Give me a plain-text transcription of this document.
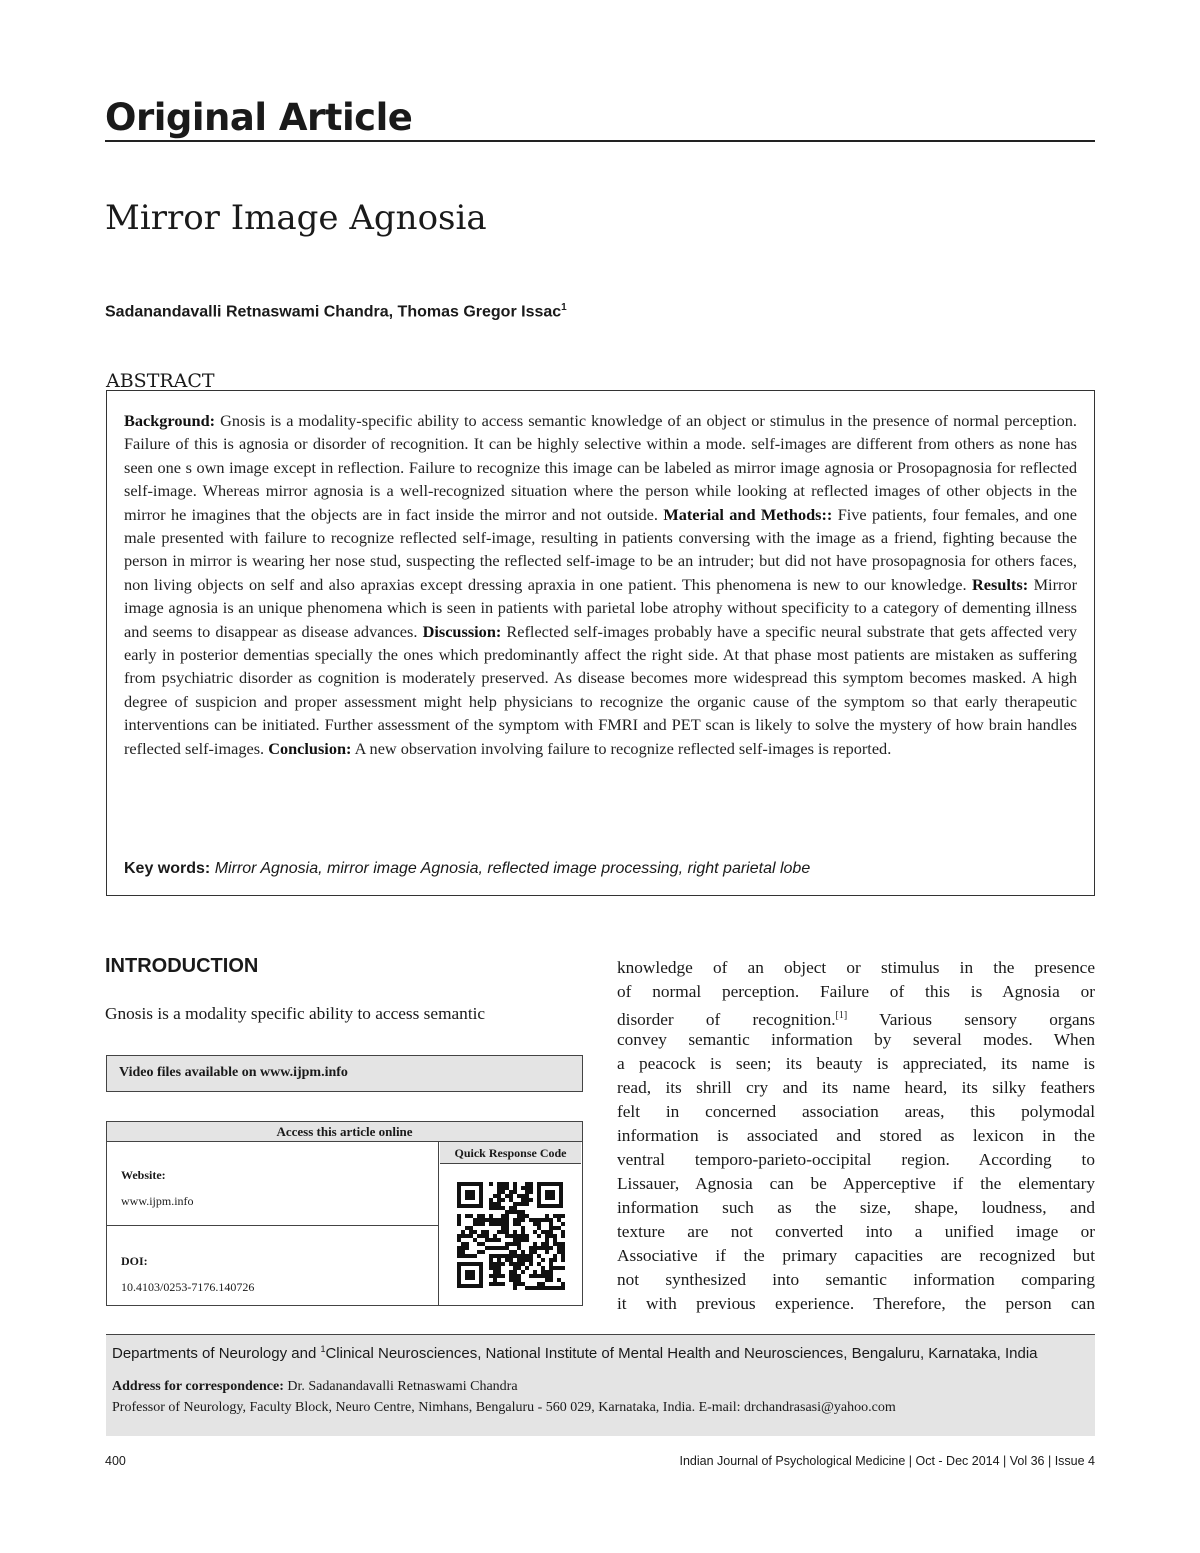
Original Article
Mirror Image Agnosia
Sadanandavalli Retnaswami Chandra, Thomas Gregor Issac$^1$
ABSTRACT
Background: Gnosis is a modality-specific ability to access semantic knowledge of an object or stimulus in the presence of normal perception. Failure of this is agnosia or disorder of recognition. It can be highly selective within a mode. self-images are different from others as none has seen one s own image except in reflection. Failure to recognize this image can be labeled as mirror image agnosia or Prosopagnosia for reflected self-image. Whereas mirror agnosia is a well-recognized situation where the person while looking at reflected images of other objects in the mirror he imagines that the objects are in fact inside the mirror and not outside. Material and Methods:: Five patients, four females, and one male presented with failure to recognize reflected self-image, resulting in patients conversing with the image as a friend, fighting because the person in mirror is wearing her nose stud, suspecting the reflected self-image to be an intruder; but did not have prosopagnosia for others faces, non living objects on self and also apraxias except dressing apraxia in one patient. This phenomena is new to our knowledge. Results: Mirror image agnosia is an unique phenomena which is seen in patients with parietal lobe atrophy without specificity to a category of dementing illness and seems to disappear as disease advances. Discussion: Reflected self-images probably have a specific neural substrate that gets affected very early in posterior dementias specially the ones which predominantly affect the right side. At that phase most patients are mistaken as suffering from psychiatric disorder as cognition is moderately preserved. As disease becomes more widespread this symptom becomes masked. A high degree of suspicion and proper assessment might help physicians to recognize the organic cause of the symptom so that early therapeutic interventions can be initiated. Further assessment of the symptom with FMRI and PET scan is likely to solve the mystery of how brain handles reflected self-images. Conclusion: A new observation involving failure to recognize reflected self-images is reported.
Key words: Mirror Agnosia, mirror image Agnosia, reflected image processing, right parietal lobe
INTRODUCTION
Gnosis is a modality specific ability to access semantic
Video files available on www.ijpm.info
Access this article online
Website:
www.ijpm.info
DOI:
10.4103/0253-7176.140726
Quick Response Code
knowledge of an object or stimulus in the presence
of normal perception. Failure of this is Agnosia or
disorder of recognition.[1] Various sensory organs
convey semantic information by several modes. When
a peacock is seen; its beauty is appreciated, its name is
read, its shrill cry and its name heard, its silky feathers
felt in concerned association areas, this polymodal
information is associated and stored as lexicon in the
ventral temporo-parieto-occipital region. According to
Lissauer, Agnosia can be Apperceptive if the elementary
information such as the size, shape, loudness, and
texture are not converted into a unified image or
Associative if the primary capacities are recognized but
not synthesized into semantic information comparing
it with previous experience. Therefore, the person can
Departments of Neurology and $^1$Clinical Neurosciences, National Institute of Mental Health and Neurosciences, Bengaluru, Karnataka, India
Address for correspondence: Dr. Sadanandavalli Retnaswami Chandra
Professor of Neurology, Faculty Block, Neuro Centre, Nimhans, Bengaluru - 560 029, Karnataka, India. E-mail: drchandrasasi@yahoo.com
400	Indian Journal of Psychological Medicine | Oct - Dec 2014 | Vol 36 | Issue 4
